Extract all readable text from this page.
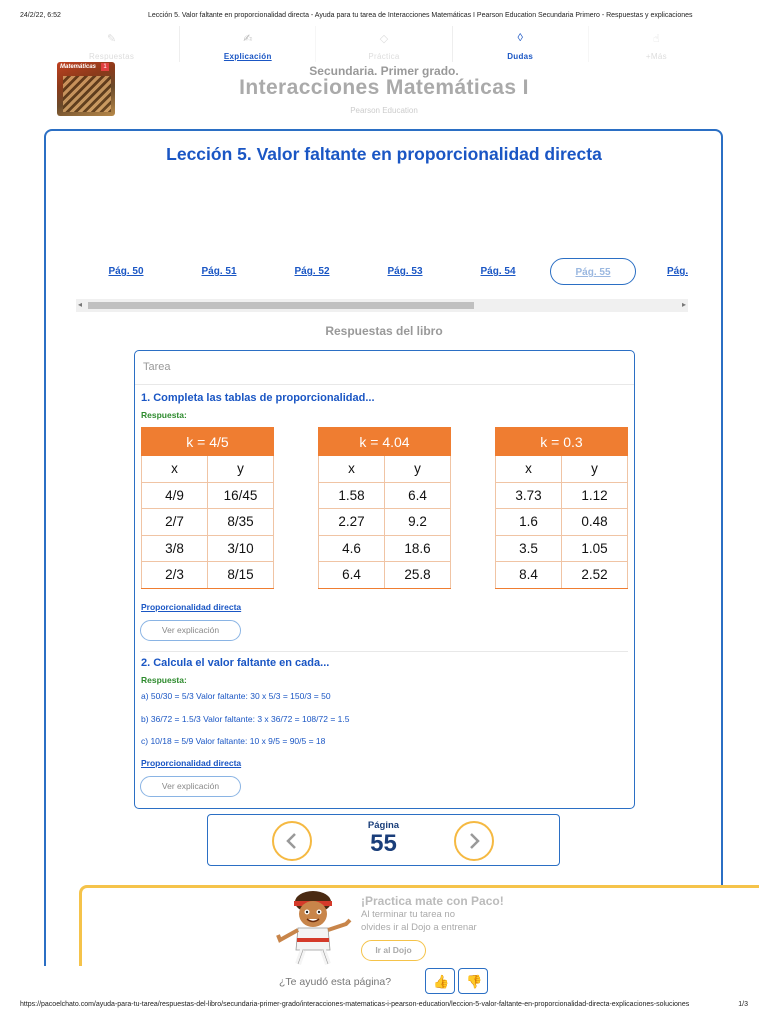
24/2/22, 6:52	Lección 5. Valor faltante en proporcionalidad directa - Ayuda para tu tarea de Interacciones Matemáticas I Pearson Education Secundaria Primero - Respuestas y explicaciones
✎
Respuestas
✍
Explicación
◇
Práctica
◊
Dudas
☝
+Más
Matemáticas	1	Secundaria. Primer grado.
Interacciones Matemáticas I
Pearson Education
Lección 5. Valor faltante en proporcionalidad directa
Pág. 50	Pág. 51	Pág. 52	Pág. 53	Pág. 54	Pág. 55	Pág.
◂	▸
Respuestas del libro
Tarea
1. Completa las tablas de proporcionalidad...
Respuesta:
k = 4/5	
x	y
4/9	16/45
2/7	8/35
3/8	3/10
2/3	8/15
k = 4.04	
x	y
1.58	6.4
2.27	9.2
4.6	18.6
6.4	25.8
k = 0.3	
x	y
3.73	1.12
1.6	0.48
3.5	1.05
8.4	2.52
Proporcionalidad directa
Ver explicación
2. Calcula el valor faltante en cada...
Respuesta:
a) 50/30 = 5/3 Valor faltante: 30 x 5/3 = 150/3 = 50
b) 36/72 = 1.5/3 Valor faltante: 3 x 36/72 = 108/72 = 1.5
c) 10/18 = 5/9 Valor faltante: 10 x 9/5 = 90/5 = 18
Proporcionalidad directa
Ver explicación
Página
55
¡Practica mate con Paco!
Al terminar tu tarea no
olvides ir al Dojo a entrenar
Ir al Dojo
¿Te ayudó esta página?	👍 👎
https://pacoelchato.com/ayuda-para-tu-tarea/respuestas-del-libro/secundaria-primer-grado/interacciones-matematicas-i-pearson-education/leccion-5-valor-faltante-en-proporcionalidad-directa-explicaciones-soluciones	1/3
